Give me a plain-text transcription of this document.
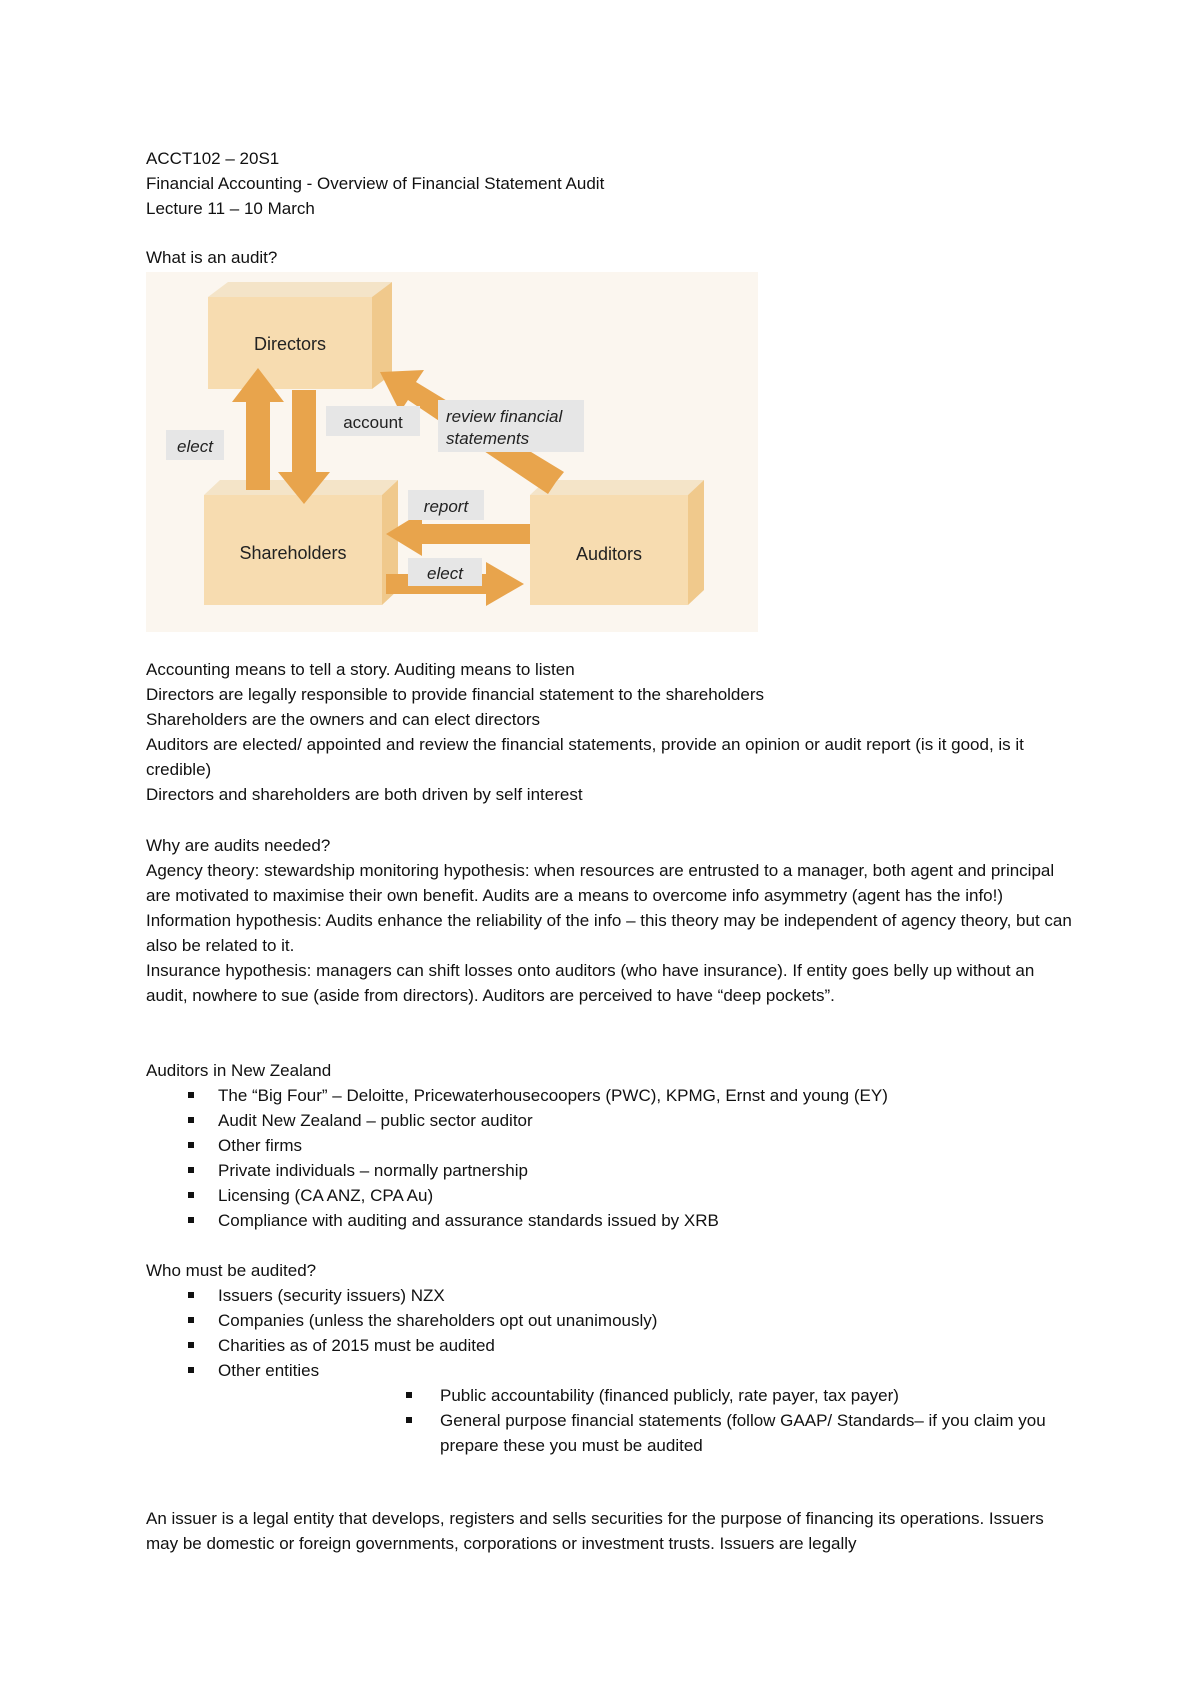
ACCT102 – 20S1
Financial Accounting - Overview of Financial Statement Audit
Lecture 11 – 10 March
What is an audit?
Directors
Shareholders	Auditors
elect
account	review financial
statements
report
elect

Accounting means to tell a story. Auditing means to listen

Directors are legally responsible to provide financial statement to the shareholders

Shareholders are the owners and can elect directors

Auditors are elected/ appointed and review the financial statements, provide an opinion or audit report (is it good, is it credible)

Directors and shareholders are both driven by self interest

Why are audits needed?

Agency theory: stewardship monitoring hypothesis: when resources are entrusted to a manager, both agent and principal are motivated to maximise their own benefit. Audits are a means to overcome info asymmetry (agent has the info!)

Information hypothesis: Audits enhance the reliability of the info – this theory may be independent of agency theory, but can also be related to it.

Insurance hypothesis: managers can shift losses onto auditors (who have insurance). If entity goes belly up without an audit, nowhere to sue (aside from directors). Auditors are perceived to have “deep pockets”.

Auditors in New Zealand
The “Big Four” – Deloitte, Pricewaterhousecoopers (PWC), KPMG, Ernst and young (EY)
Audit New Zealand – public sector auditor
Other firms
Private individuals – normally partnership
Licensing (CA ANZ, CPA Au)
Compliance with auditing and assurance standards issued by XRB
Who must be audited?
Issuers (security issuers) NZX
Companies (unless the shareholders opt out unanimously)
Charities as of 2015 must be audited
Other entities
Public accountability (financed publicly, rate payer, tax payer)
General purpose financial statements (follow GAAP/ Standards– if you claim you prepare these you must be audited
An issuer is a legal entity that develops, registers and sells securities for the purpose of financing its operations. Issuers may be domestic or foreign governments, corporations or investment trusts. Issuers are legally
